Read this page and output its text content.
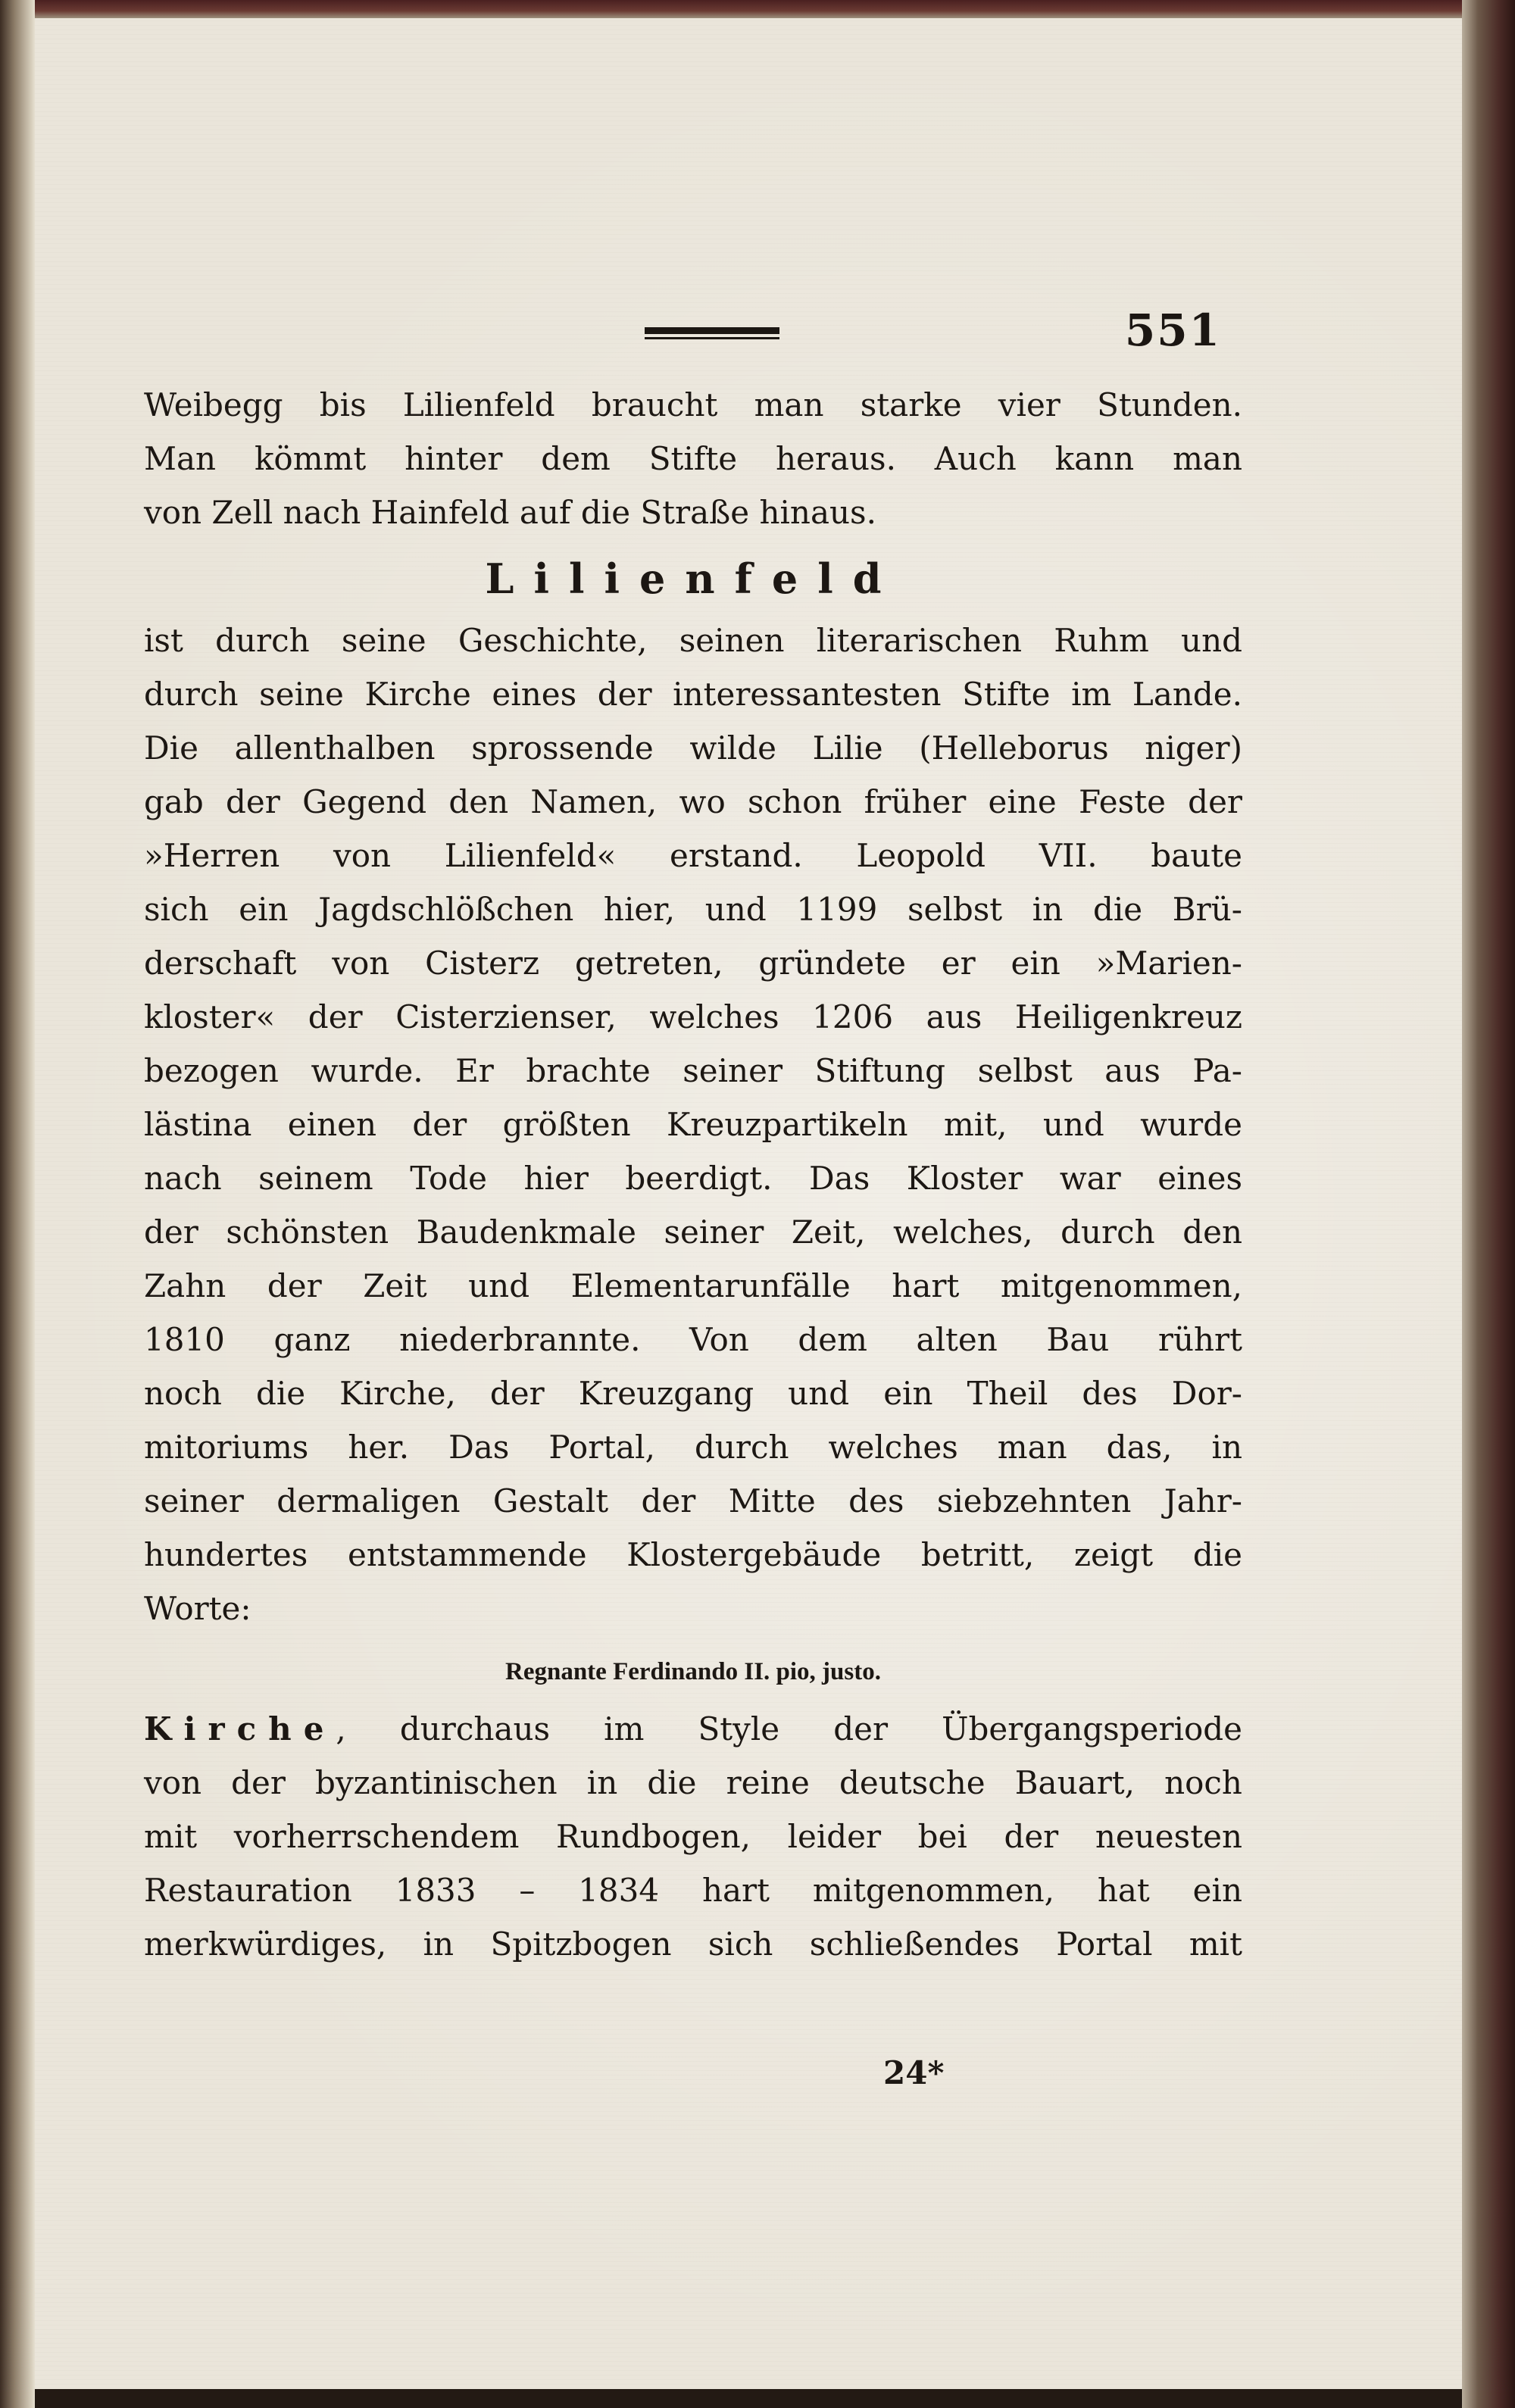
551
Weibegg bis Lilienfeld braucht man starke vier Stunden.
Man kömmt hinter dem Stifte heraus. Auch kann man
von Zell nach Hainfeld auf die Straße hinaus.
Lilienfeld
ist durch seine Geschichte, seinen literarischen Ruhm und
durch seine Kirche eines der interessantesten Stifte im Lande.
Die allenthalben sprossende wilde Lilie (Helleborus niger)
gab der Gegend den Namen, wo schon früher eine Feste der
»Herren von Lilienfeld« erstand. Leopold VII. baute
sich ein Jagdschlößchen hier, und 1199 selbst in die Brü-
derschaft von Cisterz getreten, gründete er ein »Marien-
kloster« der Cisterzienser, welches 1206 aus Heiligenkreuz
bezogen wurde. Er brachte seiner Stiftung selbst aus Pa-
lästina einen der größten Kreuzpartikeln mit, und wurde
nach seinem Tode hier beerdigt. Das Kloster war eines
der schönsten Baudenkmale seiner Zeit, welches, durch den
Zahn der Zeit und Elementarunfälle hart mitgenommen,
1810 ganz niederbrannte. Von dem alten Bau rührt
noch die Kirche, der Kreuzgang und ein Theil des Dor-
mitoriums her. Das Portal, durch welches man das, in
seiner dermaligen Gestalt der Mitte des siebzehnten Jahr-
hundertes entstammende Klostergebäude betritt, zeigt die
Worte:
Regnante Ferdinando II. pio, justo.
Kirche, durchaus im Style der Übergangsperiode
von der byzantinischen in die reine deutsche Bauart, noch
mit vorherrschendem Rundbogen, leider bei der neuesten
Restauration 1833 – 1834 hart mitgenommen, hat ein
merkwürdiges, in Spitzbogen sich schließendes Portal mit
24*
